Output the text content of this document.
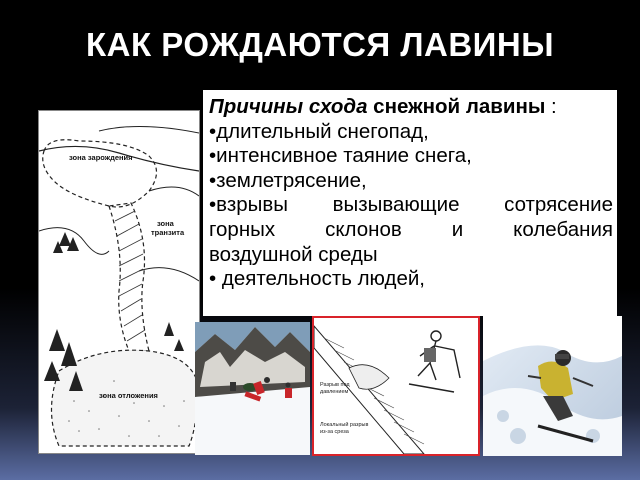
КАК РОЖДАЮТСЯ ЛАВИНЫ

Причины схода снежной лавины :

•длительный снегопад,

•интенсивное таяние снега,

•землетрясение,

•взрывы вызывающие сотрясение

горных склонов и колебания

воздушной среды

• деятельность людей,

зона зарождения
зона
транзита
зона отложения
Разрыв под
давлением
Локальный разрыв
из-за среза
